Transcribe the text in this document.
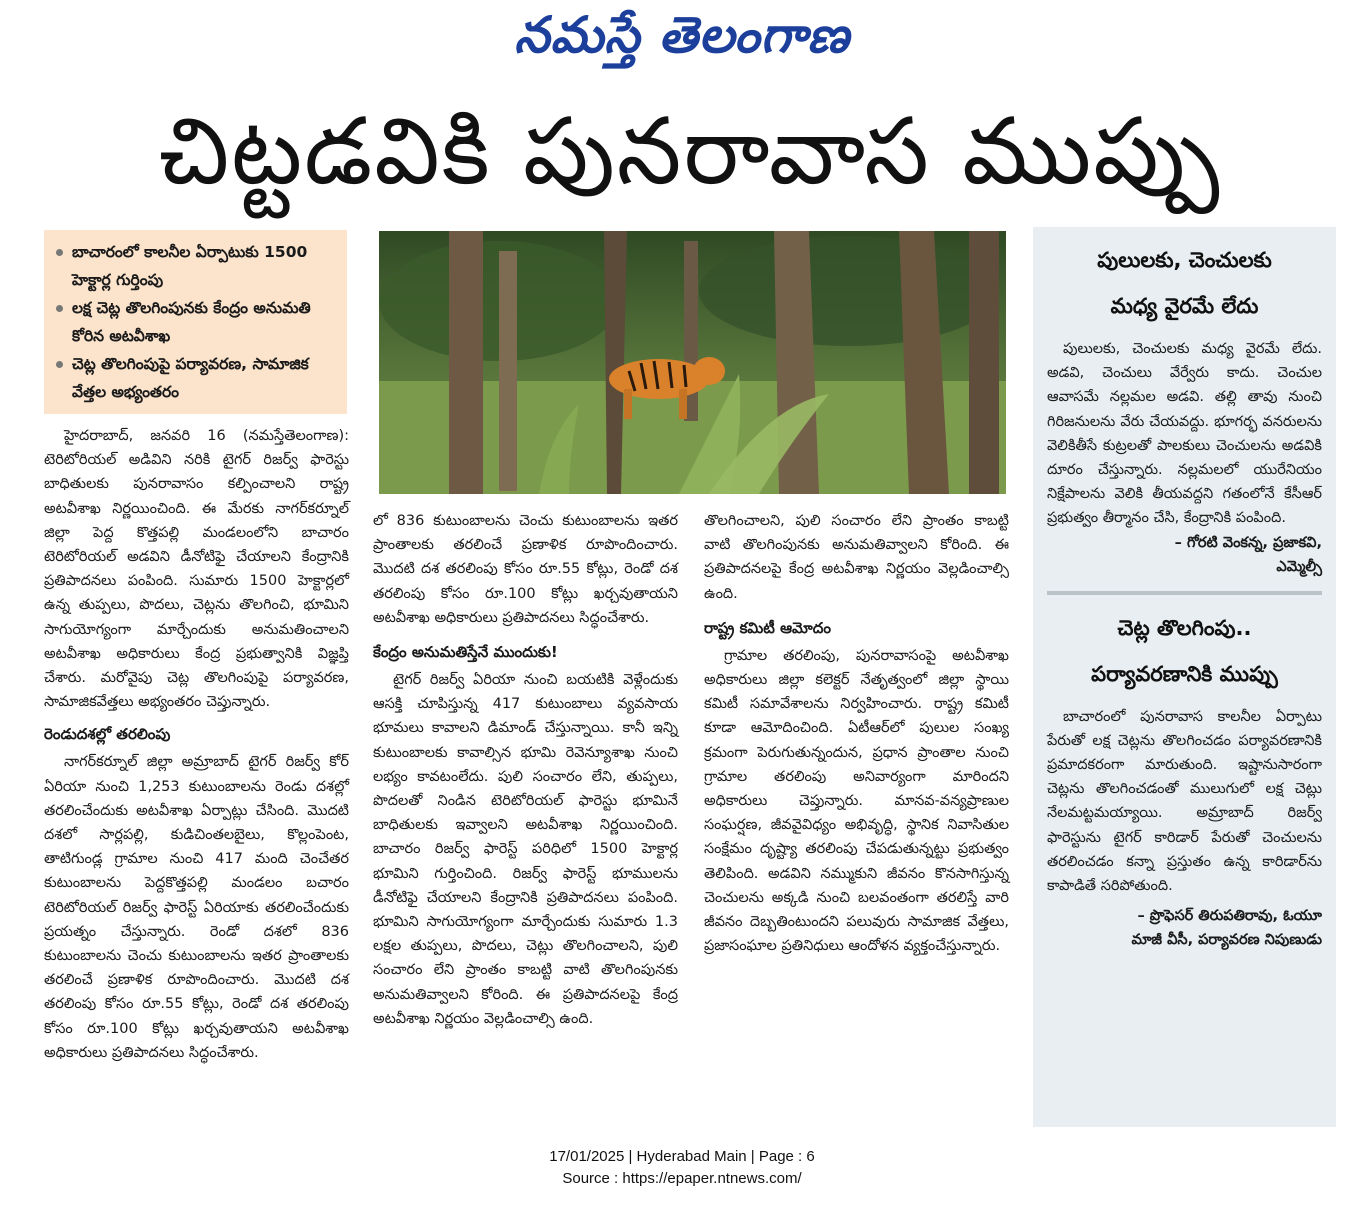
నమస్తే తెలంగాణ
చిట్టడవికి పునరావాస ముప్పు
బాచారంలో కాలనీల ఏర్పాటుకు 1500 హెక్టార్ల గుర్తింపు
లక్ష చెట్ల తొలగింపునకు కేంద్రం అనుమతి కోరిన అటవీశాఖ
చెట్ల తొలగింపుపై పర్యావరణ, సామాజిక వేత్తల అభ్యంతరం

హైదరాబాద్, జనవరి 16 (నమస్తేతెలంగాణ): టెరిటోరియల్ అడివిని నరికి టైగర్ రిజర్వ్ ఫారెస్టు బాధితులకు పునరావాసం కల్పించాలని రాష్ట్ర అటవీశాఖ నిర్ణయించింది. ఈ మేరకు నాగర్‌కర్నూల్ జిల్లా పెద్ద కొత్తపల్లి మండలంలోని బాచారం టెరిటోరియల్ అడవిని డీనోటిఫై చేయాలని కేంద్రానికి ప్రతిపాదనలు పంపింది. సుమారు 1500 హెక్టార్లలో ఉన్న తుప్పలు, పొదలు, చెట్లను తొలగించి, భూమిని సాగుయోగ్యంగా మార్చేందుకు అనుమతించాలని అటవీశాఖ అధికారులు కేంద్ర ప్రభుత్వానికి విజ్ఞప్తి చేశారు. మరోవైపు చెట్ల తొలగింపుపై పర్యావరణ, సామాజికవేత్తలు అభ్యంతరం చెప్తున్నారు.

రెండుదశల్లో తరలింపు

నాగర్‌కర్నూల్ జిల్లా అమ్రాబాద్ టైగర్ రిజర్వ్ కోర్ ఏరియా నుంచి 1,253 కుటుంబాలను రెండు దశల్లో తరలించేందుకు అటవీశాఖ ఏర్పాట్లు చేసింది. మొదటి దశలో సార్లపల్లి, కుడిచింతలబైలు, కొల్లంపెంట, తాటిగుండ్ల గ్రామాల నుంచి 417 మంది చెంచేతర కుటుంబాలను పెద్దకొత్తపల్లి మండలం బచారం టెరిటోరియల్ రిజర్వ్ ఫారెస్ట్ ఏరియాకు తరలించేందుకు ప్రయత్నం చేస్తున్నారు. రెండో దశలో 836 కుటుంబాలను చెంచు కుటుంబాలను ఇతర ప్రాంతాలకు తరలించే ప్రణాళిక రూపొందించారు. మొదటి దశ తరలింపు కోసం రూ.55 కోట్లు, రెండో దశ తరలింపు కోసం రూ.100 కోట్లు ఖర్చవుతాయని అటవీశాఖ అధికారులు ప్రతిపాదనలు సిద్ధంచేశారు.

లో 836 కుటుంబాలను చెంచు కుటుంబాలను ఇతర ప్రాంతాలకు తరలించే ప్రణాళిక రూపొందించారు. మొదటి దశ తరలింపు కోసం రూ.55 కోట్లు, రెండో దశ తరలింపు కోసం రూ.100 కోట్లు ఖర్చవుతాయని అటవీశాఖ అధికారులు ప్రతిపాదనలు సిద్ధంచేశారు.

కేంద్రం అనుమతిస్తేనే ముందుకు!

టైగర్ రిజర్వ్ ఏరియా నుంచి బయటికి వెళ్లేందుకు ఆసక్తి చూపిస్తున్న 417 కుటుంబాలు వ్యవసాయ భూమలు కావాలని డిమాండ్ చేస్తున్నాయి. కానీ ఇన్ని కుటుంబాలకు కావాల్సిన భూమి రెవెన్యూశాఖ నుంచి లభ్యం కావటంలేదు. పులి సంచారం లేని, తుప్పలు, పొదలతో నిండిన టెరిటోరియల్ ఫారెస్టు భూమినే బాధితులకు ఇవ్వాలని అటవీశాఖ నిర్ణయించింది. బాచారం రిజర్వ్ ఫారెస్ట్ పరిధిలో 1500 హెక్టార్ల భూమిని గుర్తించింది. రిజర్వ్ ఫారెస్ట్ భూములను డీనోటిఫై చేయాలని కేంద్రానికి ప్రతిపాదనలు పంపింది. భూమిని సాగుయోగ్యంగా మార్చేందుకు సుమారు 1.3 లక్షల తుప్పలు, పొదలు, చెట్లు తొలగించాలని, పులి సంచారం లేని ప్రాంతం కాబట్టి వాటి తొలగింపునకు అనుమతివ్వాలని కోరింది. ఈ ప్రతిపాదనలపై కేంద్ర అటవీశాఖ నిర్ణయం వెల్లడించాల్సి ఉంది.

తొలగించాలని, పులి సంచారం లేని ప్రాంతం కాబట్టి వాటి తొలగింపునకు అనుమతివ్వాలని కోరింది. ఈ ప్రతిపాదనలపై కేంద్ర అటవీశాఖ నిర్ణయం వెల్లడించాల్సి ఉంది.

రాష్ట్ర కమిటీ ఆమోదం

గ్రామాల తరలింపు, పునరావాసంపై అటవీశాఖ అధికారులు జిల్లా కలెక్టర్ నేతృత్వంలో జిల్లా స్థాయి కమిటీ సమావేశాలను నిర్వహించారు. రాష్ట్ర కమిటీ కూడా ఆమోదించింది. ఏటీఆర్‌లో పులుల సంఖ్య క్రమంగా పెరుగుతున్నందున, ప్రధాన ప్రాంతాల నుంచి గ్రామాల తరలింపు అనివార్యంగా మారిందని అధికారులు చెప్తున్నారు. మానవ-వన్యప్రాణుల సంఘర్షణ, జీవవైవిధ్యం అభివృద్ధి, స్థానిక నివాసితుల సంక్షేమం దృష్ట్యా తరలింపు చేపడుతున్నట్టు ప్రభుత్వం తెలిపింది. అడవిని నమ్ముకుని జీవనం కొనసాగిస్తున్న చెంచులను అక్కడి నుంచి బలవంతంగా తరలిస్తే వారి జీవనం దెబ్బతింటుందని పలువురు సామాజిక వేత్తలు, ప్రజాసంఘాల ప్రతినిధులు ఆందోళన వ్యక్తంచేస్తున్నారు.

పులులకు, చెంచులకు
మధ్య వైరమే లేదు

పులులకు, చెంచులకు మధ్య వైరమే లేదు. అడవి, చెంచులు వేర్వేరు కాదు. చెంచుల ఆవాసమే నల్లమల అడవి. తల్లి తావు నుంచి గిరిజనులను వేరు చేయవద్దు. భూగర్భ వనరులను వెలికితీసే కుట్రలతో పాలకులు చెంచులను అడవికి దూరం చేస్తున్నారు. నల్లమలలో యురేనియం నిక్షేపాలను వెలికి తీయవద్దని గతంలోనే కేసీఆర్ ప్రభుత్వం తీర్మానం చేసి, కేంద్రానికి పంపింది.

– గోరటి వెంకన్న, ప్రజాకవి,
ఎమ్మెల్సీ
చెట్ల తొలగింపు..
పర్యావరణానికి ముప్పు

బాచారంలో పునరావాస కాలనీల ఏర్పాటు పేరుతో లక్ష చెట్లను తొలగించడం పర్యావరణానికి ప్రమాదకరంగా మారుతుంది. ఇష్టానుసారంగా చెట్లను తొలగించడంతో ములుగులో లక్ష చెట్లు నేలమట్టమయ్యాయి. అమ్రాబాద్ రిజర్వ్ ఫారెస్టును టైగర్ కారిడార్ పేరుతో చెంచులను తరలించడం కన్నా ప్రస్తుతం ఉన్న కారిడార్‌ను కాపాడితే సరిపోతుంది.

– ప్రొఫెసర్ తిరుపతిరావు, ఓయూ
మాజీ వీసీ, పర్యావరణ నిపుణుడు
17/01/2025 | Hyderabad Main | Page : 6
Source : https://epaper.ntnews.com/
